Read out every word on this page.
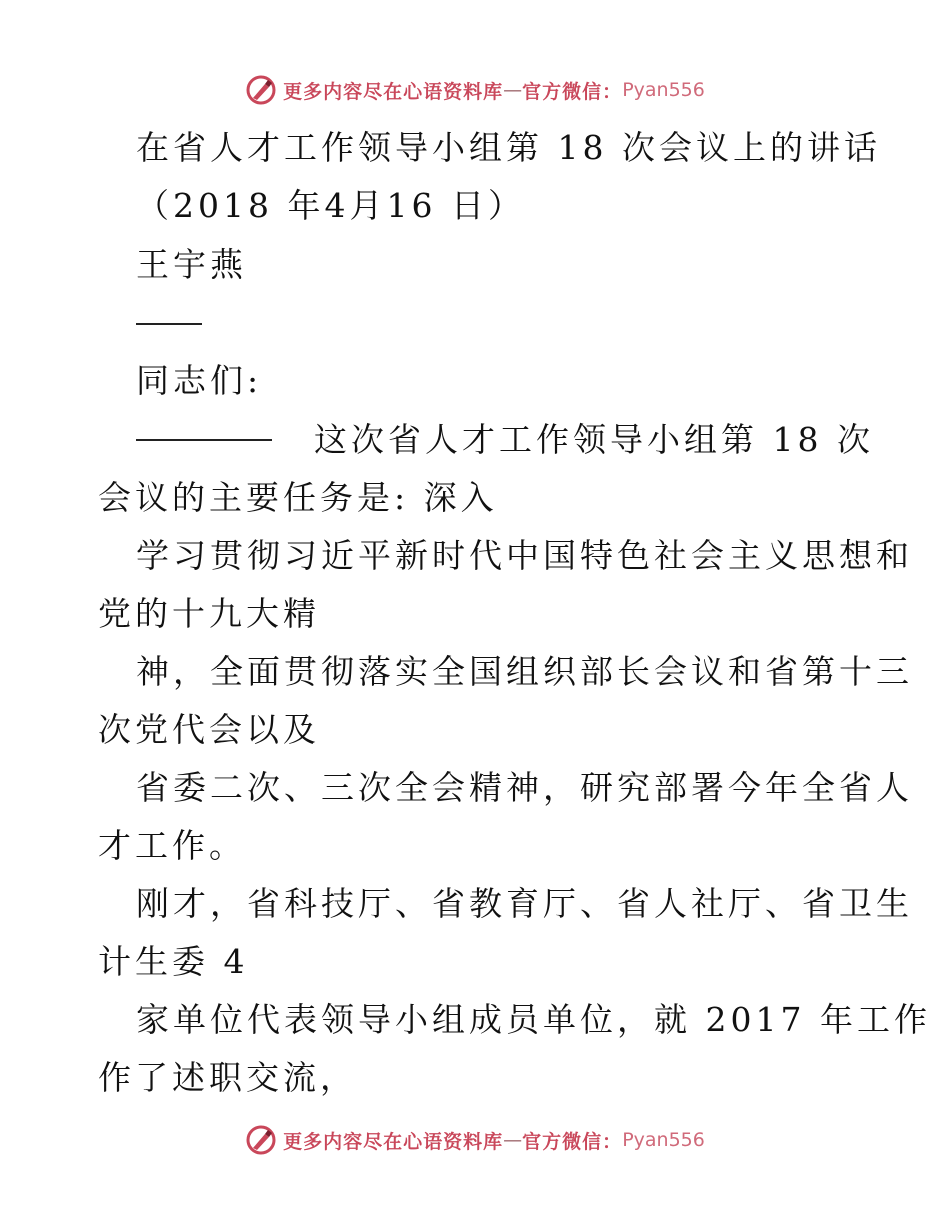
更多内容尽在心语资料库 — 官方微信： Pyan556
在省人才工作领导小组第 18 次会议上的讲话
（2018 年4月16 日）
王宇燕
同志们:
这次省人才工作领导小组第 18 次
会议的主要任务是: 深入
学习贯彻习近平新时代中国特色社会主义思想和
党的十九大精
神，全面贯彻落实全国组织部长会议和省第十三
次党代会以及
省委二次、三次全会精神，研究部署今年全省人
才工作。
刚才，省科技厅、省教育厅、省人社厅、省卫生
计生委 4
家单位代表领导小组成员单位，就 2017 年工作
作了述职交流，
更多内容尽在心语资料库 — 官方微信： Pyan556
